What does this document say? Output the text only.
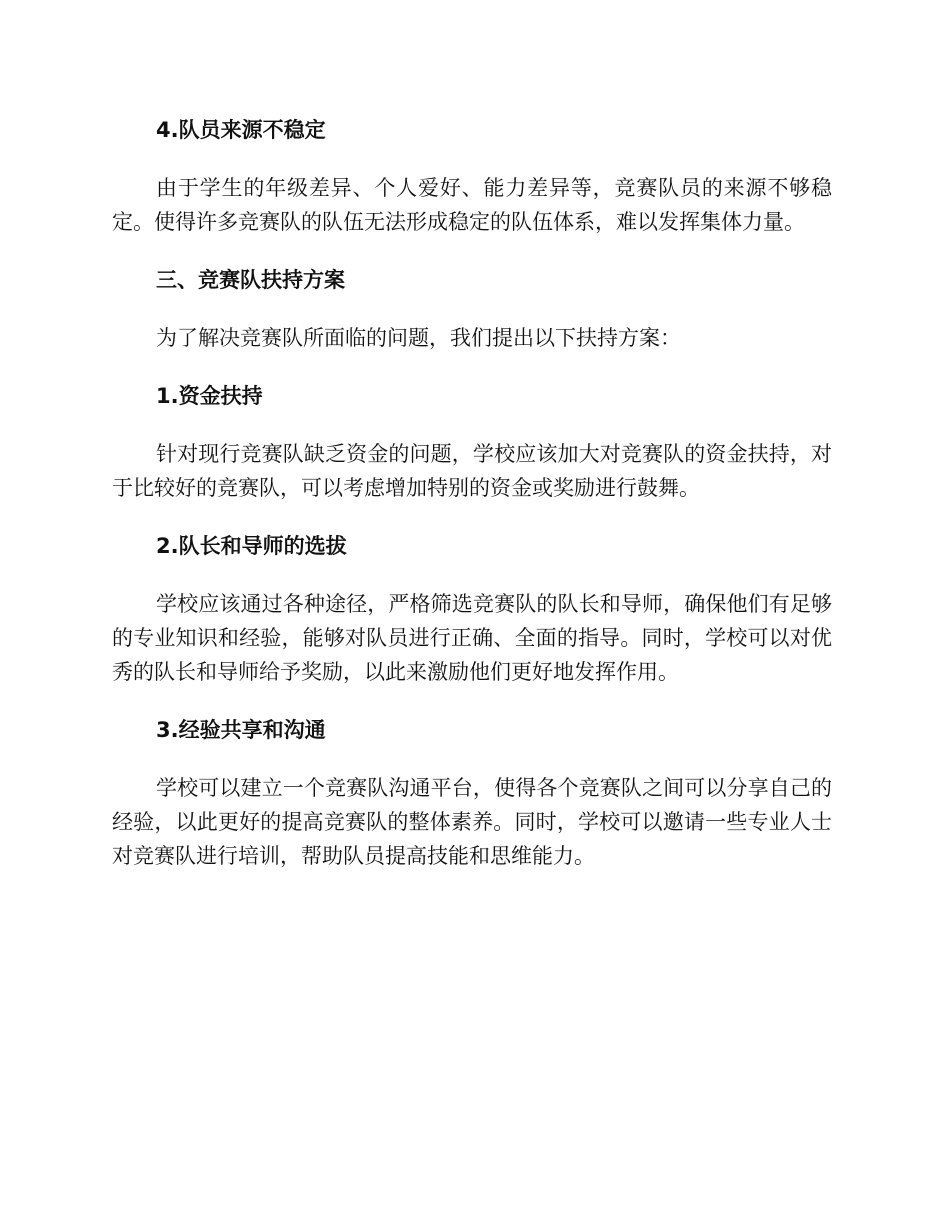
4.队员来源不稳定

由于学生的年级差异、个人爱好、能力差异等，竞赛队员的来源不够稳定。使得许多竞赛队的队伍无法形成稳定的队伍体系，难以发挥集体力量。

三、竞赛队扶持方案

为了解决竞赛队所面临的问题，我们提出以下扶持方案：

1.资金扶持

针对现行竞赛队缺乏资金的问题，学校应该加大对竞赛队的资金扶持，对于比较好的竞赛队，可以考虑增加特别的资金或奖励进行鼓舞。

2.队长和导师的选拔

学校应该通过各种途径，严格筛选竞赛队的队长和导师，确保他们有足够的专业知识和经验，能够对队员进行正确、全面的指导。同时，学校可以对优秀的队长和导师给予奖励，以此来激励他们更好地发挥作用。

3.经验共享和沟通

学校可以建立一个竞赛队沟通平台，使得各个竞赛队之间可以分享自己的经验，以此更好的提高竞赛队的整体素养。同时，学校可以邀请一些专业人士对竞赛队进行培训，帮助队员提高技能和思维能力。
